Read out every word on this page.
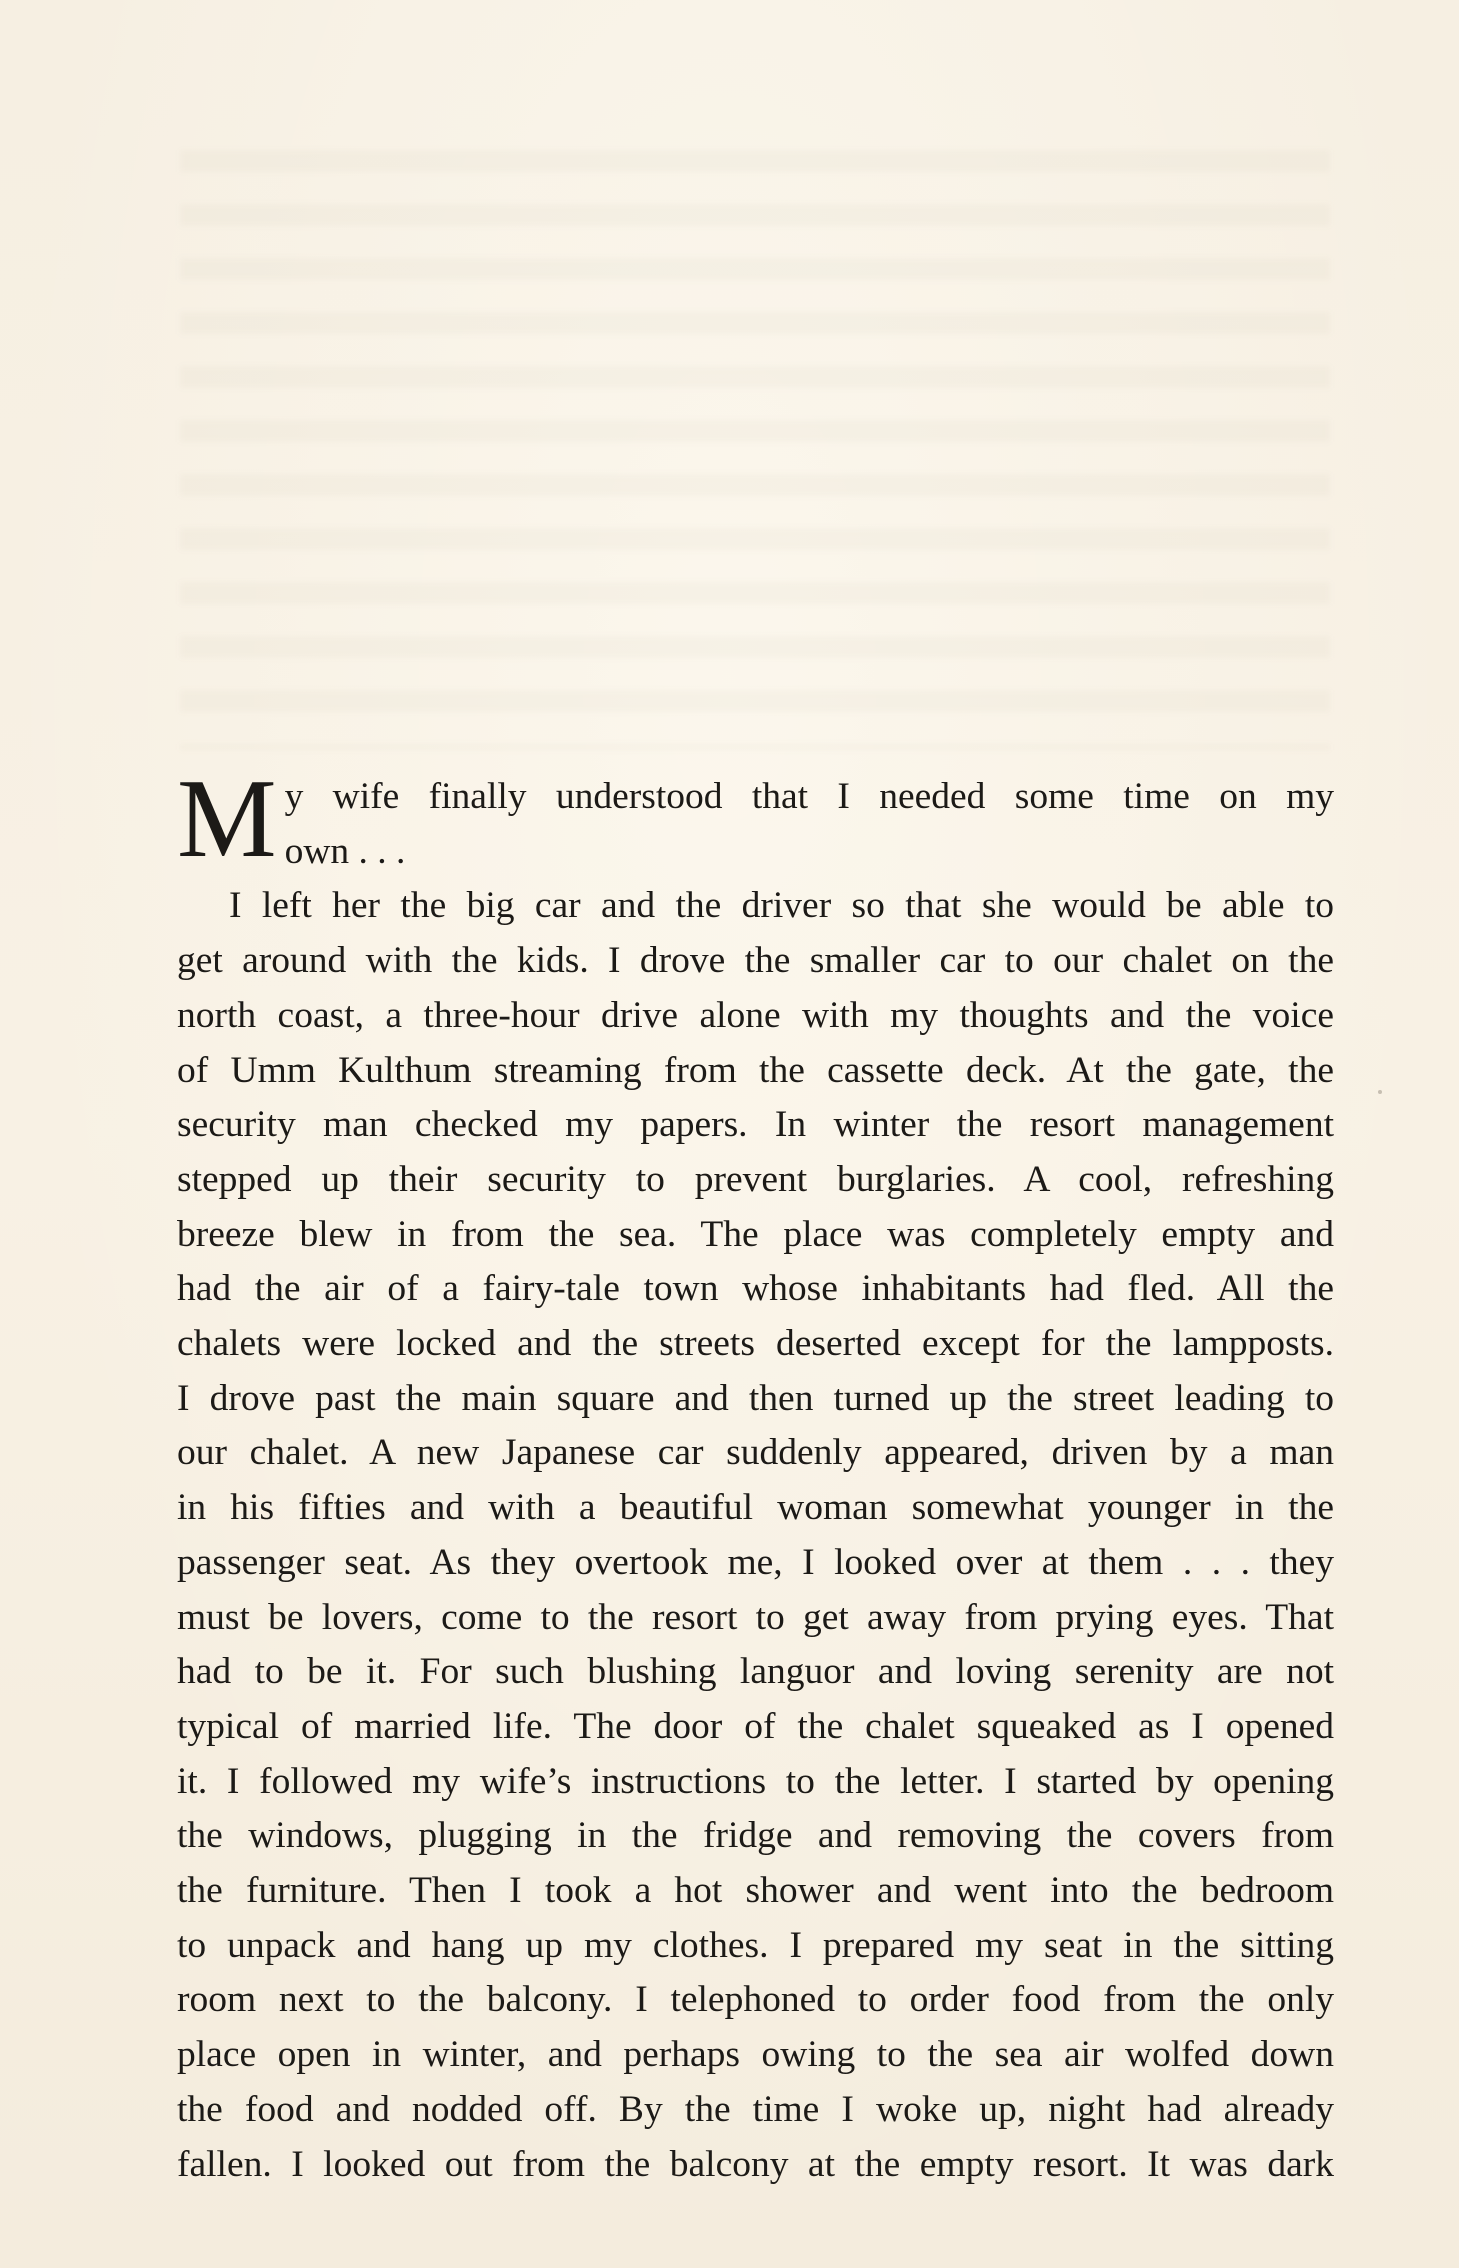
M y wife finally understood that I needed some time on my
own . . .

I left her the big car and the driver so that she would be able to

get around with the kids. I drove the smaller car to our chalet on the

north coast, a three-hour drive alone with my thoughts and the voice

of Umm Kulthum streaming from the cassette deck. At the gate, the

security man checked my papers. In winter the resort management

stepped up their security to prevent burglaries. A cool, refreshing

breeze blew in from the sea. The place was completely empty and

had the air of a fairy-tale town whose inhabitants had fled. All the

chalets were locked and the streets deserted except for the lampposts.

I drove past the main square and then turned up the street leading to

our chalet. A new Japanese car suddenly appeared, driven by a man

in his fifties and with a beautiful woman somewhat younger in the

passenger seat. As they overtook me, I looked over at them . . . they

must be lovers, come to the resort to get away from prying eyes. That

had to be it. For such blushing languor and loving serenity are not

typical of married life. The door of the chalet squeaked as I opened

it. I followed my wife’s instructions to the letter. I started by opening

the windows, plugging in the fridge and removing the covers from

the furniture. Then I took a hot shower and went into the bedroom

to unpack and hang up my clothes. I prepared my seat in the sitting

room next to the balcony. I telephoned to order food from the only

place open in winter, and perhaps owing to the sea air wolfed down

the food and nodded off. By the time I woke up, night had already

fallen. I looked out from the balcony at the empty resort. It was dark
